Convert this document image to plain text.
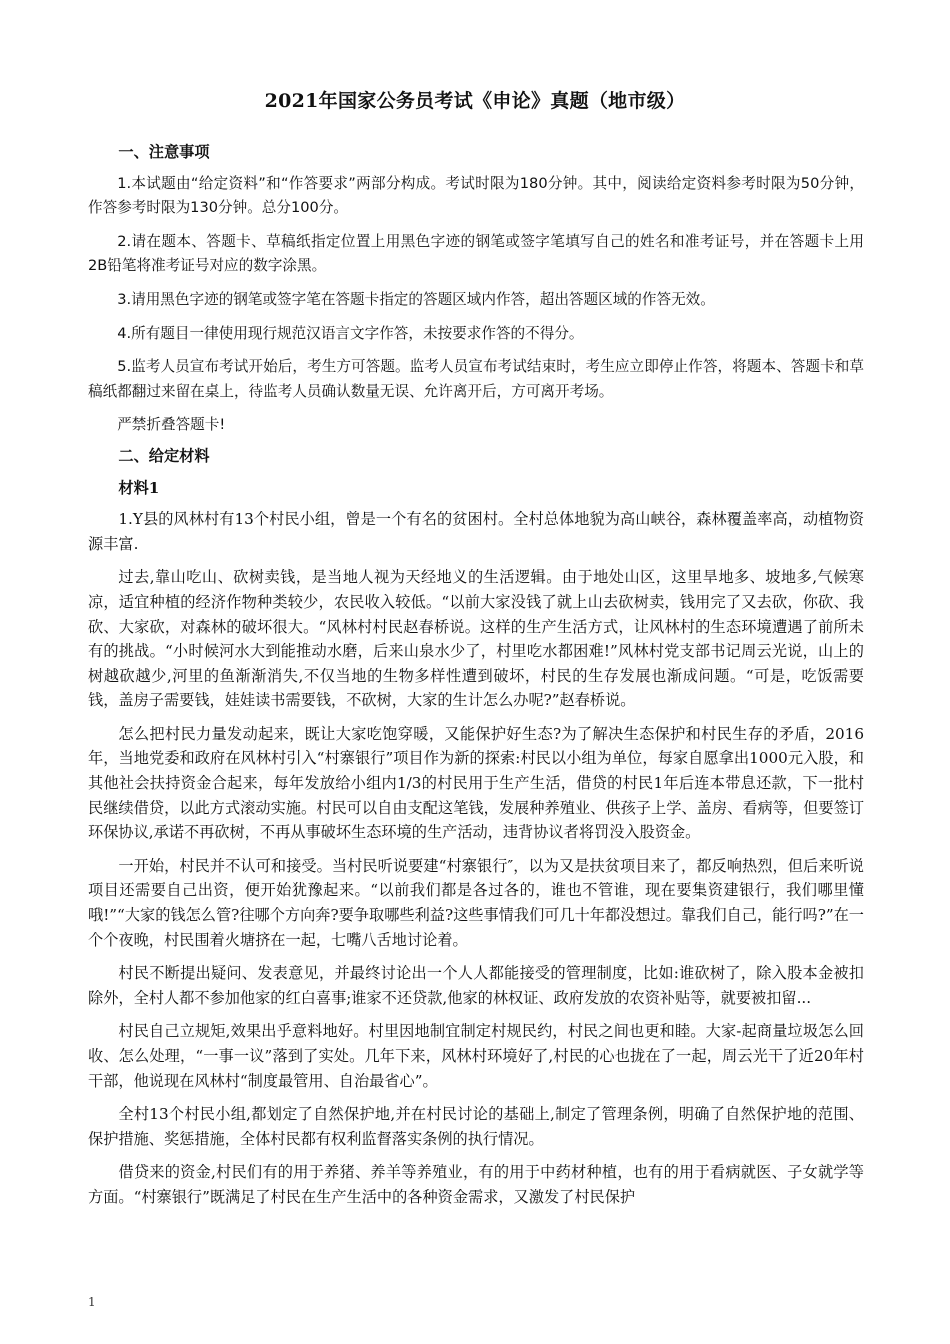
2021年国家公务员考试《申论》真题（地市级）

一、注意事项

1.本试题由“给定资料”和“作答要求”两部分构成。考试时限为180分钟。其中，阅读给定资料参考时限为50分钟，作答参考时限为130分钟。总分100分。

2.请在题本、答题卡、草稿纸指定位置上用黑色字迹的钢笔或签字笔填写自己的姓名和准考证号，并在答题卡上用2B铅笔将准考证号对应的数字涂黑。

3.请用黑色字迹的钢笔或签字笔在答题卡指定的答题区域内作答，超出答题区域的作答无效。

4.所有题目一律使用现行规范汉语言文字作答，未按要求作答的不得分。

5.监考人员宣布考试开始后，考生方可答题。监考人员宣布考试结束时，考生应立即停止作答，将题本、答题卡和草稿纸都翻过来留在桌上，待监考人员确认数量无误、允许离开后，方可离开考场。

严禁折叠答题卡!

二、给定材料

材料1

1.Y县的风林村有13个村民小组，曾是一个有名的贫困村。全村总体地貌为高山峡谷，森林覆盖率高，动植物资源丰富.

过去,靠山吃山、砍树卖钱，是当地人视为天经地义的生活逻辑。由于地处山区，这里旱地多、坡地多,气候寒凉，适宜种植的经济作物种类较少，农民收入较低。“以前大家没钱了就上山去砍树卖，钱用完了又去砍，你砍、我砍、大家砍，对森林的破坏很大。“风林村村民赵春桥说。这样的生产生活方式，让风林村的生态环境遭遇了前所未有的挑战。“小时候河水大到能推动水磨，后来山泉水少了，村里吃水都困难!”风林村党支部书记周云光说，山上的树越砍越少,河里的鱼渐渐消失,不仅当地的生物多样性遭到破坏，村民的生存发展也渐成问题。“可是，吃饭需要钱，盖房子需要钱，娃娃读书需要钱，不砍树，大家的生计怎么办呢?”赵春桥说。

怎么把村民力量发动起来，既让大家吃饱穿暖，又能保护好生态?为了解决生态保护和村民生存的矛盾，2016年，当地党委和政府在风林村引入“村寨银行”项目作为新的探索:村民以小组为单位，每家自愿拿出1000元入股，和其他社会扶持资金合起来，每年发放给小组内1/3的村民用于生产生活，借贷的村民1年后连本带息还款，下一批村民继续借贷，以此方式滚动实施。村民可以自由支配这笔钱，发展种养殖业、供孩子上学、盖房、看病等，但要签订环保协议,承诺不再砍树，不再从事破坏生态环境的生产活动，违背协议者将罚没入股资金。

一开始，村民并不认可和接受。当村民听说要建“村寨银行″，以为又是扶贫项目来了，都反响热烈，但后来听说项目还需要自己出资，便开始犹豫起来。“以前我们都是各过各的，谁也不管谁，现在要集资建银行，我们哪里懂哦!”“大家的钱怎么管?往哪个方向奔?要争取哪些利益?这些事情我们可几十年都没想过。靠我们自己，能行吗?”在一个个夜晚，村民围着火塘挤在一起，七嘴八舌地讨论着。

村民不断提出疑问、发表意见，并最终讨论出一个人人都能接受的管理制度，比如:谁砍树了，除入股本金被扣除外，全村人都不参加他家的红白喜事;谁家不还贷款,他家的林权证、政府发放的农资补贴等，就要被扣留...

村民自己立规矩,效果出乎意料地好。村里因地制宜制定村规民约，村民之间也更和睦。大家-起商量垃圾怎么回收、怎么处理，“一事一议”落到了实处。几年下来，风林村环境好了,村民的心也拢在了一起，周云光干了近20年村干部，他说现在风林村“制度最管用、自治最省心”。

全村13个村民小组,都划定了自然保护地,并在村民讨论的基础上,制定了管理条例，明确了自然保护地的范围、保护措施、奖惩措施，全体村民都有权利监督落实条例的执行情况。

借贷来的资金,村民们有的用于养猪、养羊等养殖业，有的用于中药材种植，也有的用于看病就医、子女就学等方面。“村寨银行”既满足了村民在生产生活中的各种资金需求，又激发了村民保护

1
